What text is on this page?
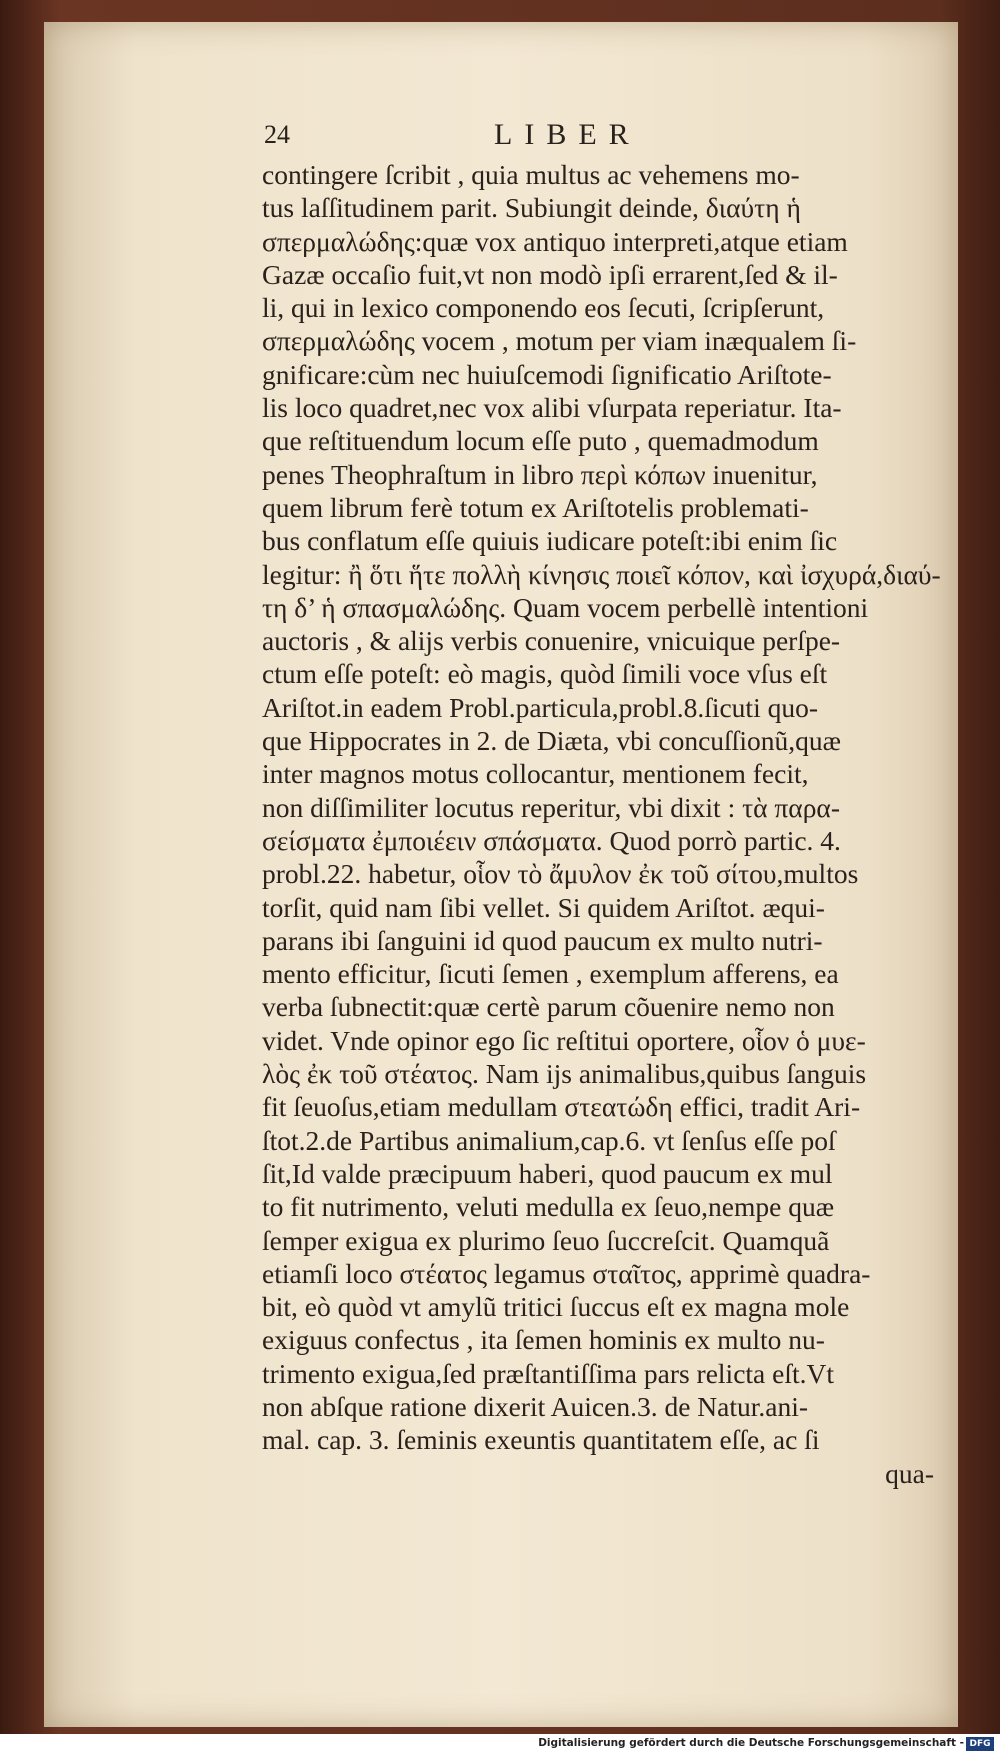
24	LIBER
contingere ſcribit , quia multus ac vehemens mo-
tus laſſitudinem parit. Subiungit deinde, διαύτη ἡ
σπερμαλώδης:quæ vox antiquo interpreti,atque etiam
Gazæ occaſio fuit,vt non modò ipſi errarent,ſed & il-
li, qui in lexico componendo eos ſecuti, ſcripſerunt,
σπερμαλώδης vocem , motum per viam inæqualem ſi-
gnificare:cùm nec huiuſcemodi ſignificatio Ariſtote-
lis loco quadret,nec vox alibi vſurpata reperiatur. Ita-
que reſtituendum locum eſſe puto , quemadmodum
penes Theophraſtum in libro περὶ κόπων inuenitur,
quem librum ferè totum ex Ariſtotelis problemati-
bus conflatum eſſe quiuis iudicare poteſt:ibi enim ſic
legitur: ἢ ὅτι ἥτε πολλὴ κίνησις ποιεῖ κόπον, καὶ ἰσχυρά,διαύ-
τη δ’ ἡ σπασμαλώδης. Quam vocem perbellè intentioni
auctoris , & alijs verbis conuenire, vnicuique perſpe-
ctum eſſe poteſt: eò magis, quòd ſimili voce vſus eſt
Ariſtot.in eadem Probl.particula,probl.8.ſicuti quo-
que Hippocrates in 2. de Diæta, vbi concuſſionũ,quæ
inter magnos motus collocantur, mentionem fecit,
non diſſimiliter locutus reperitur, vbi dixit : τὰ παρα-
σείσματα ἐμποιέειν σπάσματα. Quod porrò partic. 4.
probl.22. habetur, οἷον τὸ ἄμυλον ἐκ τοῦ σίτου,multos
torſit, quid nam ſibi vellet. Si quidem Ariſtot. æqui-
parans ibi ſanguini id quod paucum ex multo nutri-
mento efficitur, ſicuti ſemen , exemplum afferens, ea
verba ſubnectit:quæ certè parum cõuenire nemo non
videt. Vnde opinor ego ſic reſtitui oportere, οἷον ὁ μυε-
λὸς ἐκ τοῦ στέατος. Nam ijs animalibus,quibus ſanguis
fit ſeuoſus,etiam medullam στεατώδη effici, tradit Ari-
ſtot.2.de Partibus animalium,cap.6. vt ſenſus eſſe poſ
ſit,Id valde præcipuum haberi, quod paucum ex mul
to fit nutrimento, veluti medulla ex ſeuo,nempe quæ
ſemper exigua ex plurimo ſeuo ſuccreſcit. Quamquã
etiamſi loco στέατος legamus σταῖτος, apprimè quadra-
bit, eò quòd vt amylũ tritici ſuccus eſt ex magna mole
exiguus confectus , ita ſemen hominis ex multo nu-
trimento exigua,ſed præſtantiſſima pars relicta eſt.Vt
non abſque ratione dixerit Auicen.3. de Natur.ani-
mal. cap. 3. ſeminis exeuntis quantitatem eſſe, ac ſi
qua-
Digitalisierung gefördert durch die Deutsche Forschungsgemeinschaft - DFG
